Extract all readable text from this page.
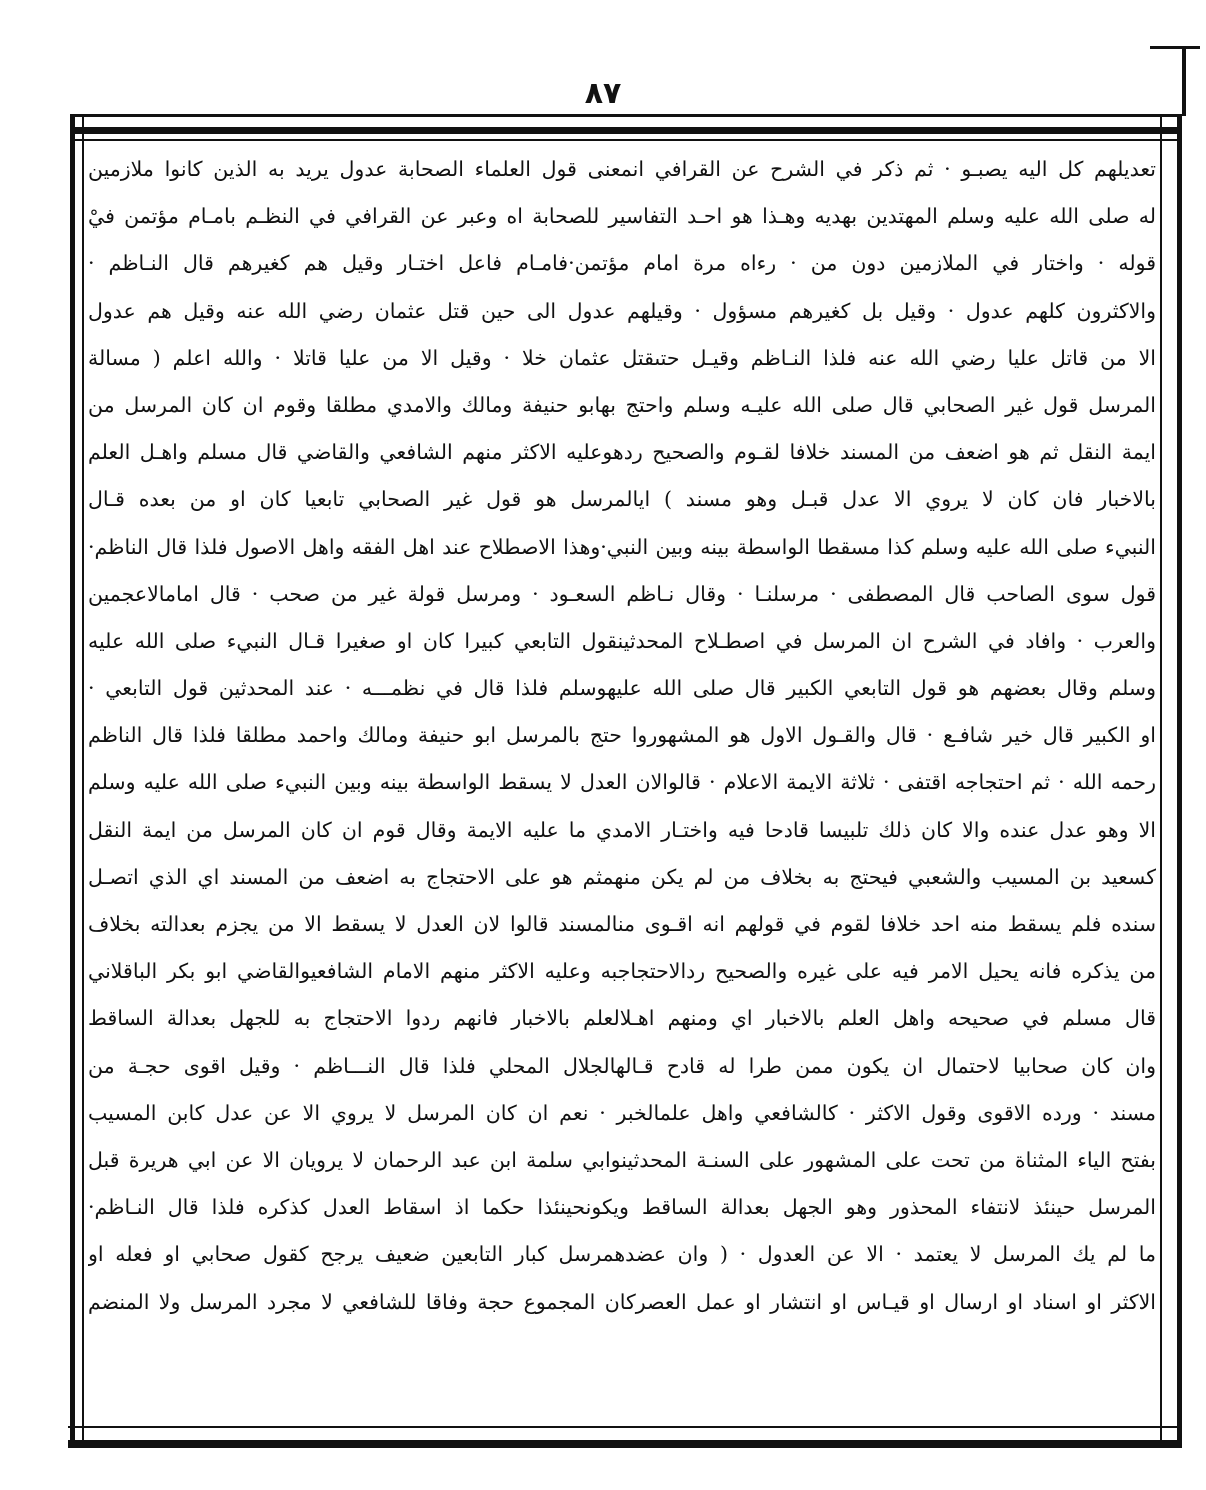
٨٧
تعديلهم كل اليه يصبـو · ثم ذكر في الشرح عن القرافي انمعنى قول العلماء الصحابة عدول يريد به الذين كانوا ملازمين
له صلى الله عليه وسلم المهتدين بهديه وهـذا هو احـد التفاسير للصحابة اه وعبر عن القرافي في النظـم بامـام مؤتمن فيْ
قوله · واختار في الملازمين دون من · رءاه مرة امام مؤتمن·فامـام فاعل اختـار وقيل هم كغيرهم قال النـاظم ·
والاكثرون كلهم عدول · وقيل بل كغيرهم مسؤول · وقيلهم عدول الى حين قتل عثمان رضي الله عنه وقيل هم عدول
الا من قاتل عليا رضي الله عنه فلذا النـاظم وقيـل حتىقتل عثمان خلا · وقيل الا من عليا قاتلا · والله اعلم ( مسالة
المرسل قول غير الصحابي قال صلى الله عليـه وسلم واحتج بهابو حنيفة ومالك والامدي مطلقا وقوم ان كان المرسل من
ايمة النقل ثم هو اضعف من المسند خلافا لقـوم والصحيح ردهوعليه الاكثر منهم الشافعي والقاضي قال مسلم واهـل العلم
بالاخبار فان كان لا يروي الا عدل قبـل وهو مسند ) ايالمرسل هو قول غير الصحابي تابعيا كان او من بعده قـال
النبيء صلى الله عليه وسلم كذا مسقطا الواسطة بينه وبين النبي·وهذا الاصطلاح عند اهل الفقه واهل الاصول فلذا قال الناظم·
قول سوى الصاحب قال المصطفى · مرسلنـا · وقال نـاظم السعـود · ومرسل قولة غير من صحب · قال امامالاعجمين
والعرب · وافاد في الشرح ان المرسل في اصطـلاح المحدثينقول التابعي كبيرا كان او صغيرا قـال النبيء صلى الله عليه
وسلم وقال بعضهم هو قول التابعي الكبير قال صلى الله عليهوسلم فلذا قال في نظمـــه · عند المحدثين قول التابعي ·
او الكبير قال خير شافـع · قال والقـول الاول هو المشهوروا حتج بالمرسل ابو حنيفة ومالك واحمد مطلقا فلذا قال الناظم
رحمه الله · ثم احتجاجه اقتفى · ثلاثة الايمة الاعلام · قالوالان العدل لا يسقط الواسطة بينه وبين النبيء صلى الله عليه وسلم
الا وهو عدل عنده والا كان ذلك تلبيسا قادحا فيه واختـار الامدي ما عليه الايمة وقال قوم ان كان المرسل من ايمة النقل
كسعيد بن المسيب والشعبي فيحتج به بخلاف من لم يكن منهمثم هو على الاحتجاج به اضعف من المسند اي الذي اتصـل
سنده فلم يسقط منه احد خلافا لقوم في قولهم انه اقـوى منالمسند قالوا لان العدل لا يسقط الا من يجزم بعدالته بخلاف
من يذكره فانه يحيل الامر فيه على غيره والصحيح ردالاحتجاجبه وعليه الاكثر منهم الامام الشافعيوالقاضي ابو بكر الباقلاني
قال مسلم في صحيحه واهل العلم بالاخبار اي ومنهم اهـلالعلم بالاخبار فانهم ردوا الاحتجاج به للجهل بعدالة الساقط
وان كان صحابيا لاحتمال ان يكون ممن طرا له قادح قـالهالجلال المحلي فلذا قال النـــاظم · وقيل اقوى حجـة من
مسند · ورده الاقوى وقول الاكثر · كالشافعي واهل علمالخبر · نعم ان كان المرسل لا يروي الا عن عدل كابن المسيب
بفتح الياء المثناة من تحت على المشهور على السنـة المحدثينوابي سلمة ابن عبد الرحمان لا يرويان الا عن ابي هريرة قبل
المرسل حينئذ لانتفاء المحذور وهو الجهل بعدالة الساقط ويكونحينئذا حكما اذ اسقاط العدل كذكره فلذا قال النـاظم·
ما لم يك المرسل لا يعتمد · الا عن العدول · ( وان عضدهمرسل كبار التابعين ضعيف يرجح كقول صحابي او فعله او
الاكثر او اسناد او ارسال او قيـاس او انتشار او عمل العصركان المجموع حجة وفاقا للشافعي لا مجرد المرسل ولا المنضم
